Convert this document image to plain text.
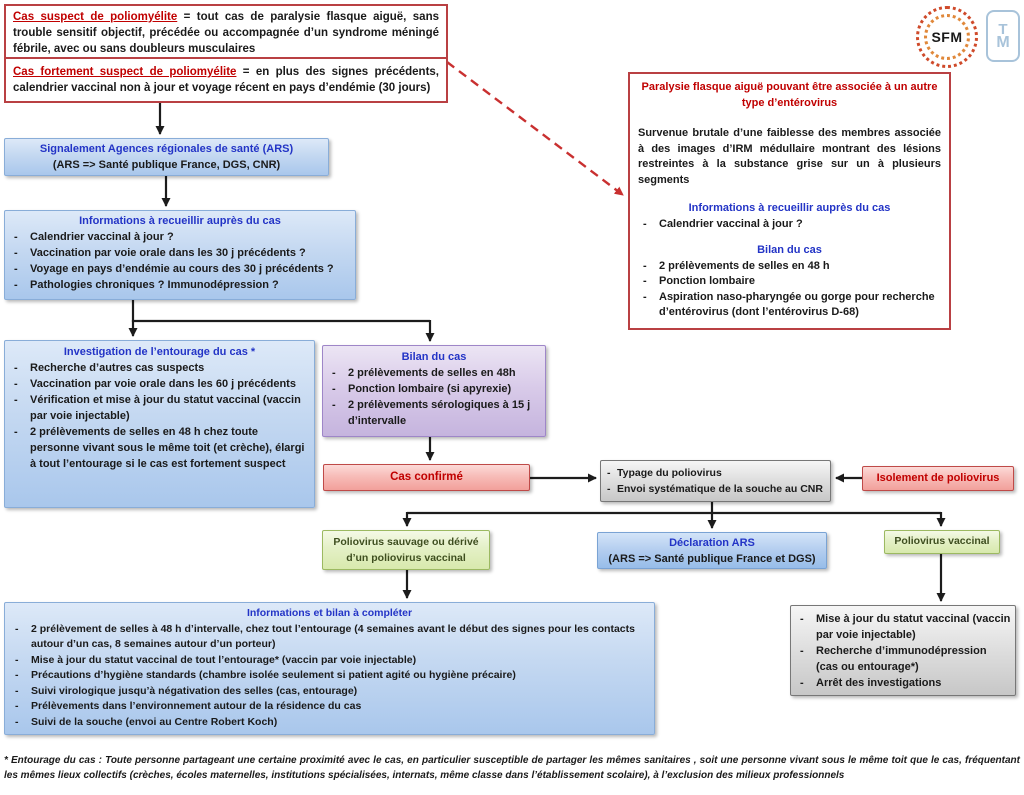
Cas suspect de poliomyélite = tout cas de paralysie flasque aiguë, sans trouble sensitif objectif, précédée ou accompagnée d’un syndrome méningé fébrile, avec ou sans doubleurs musculaires
Cas fortement suspect de poliomyélite = en plus des signes précédents, calendrier vaccinal non à jour et voyage récent en pays d’endémie (30 jours)
SFM	T
M
Paralysie flasque aiguë pouvant être associée à un autre type d’entérovirus
Survenue brutale d’une faiblesse des membres associée à des images d’IRM médullaire montrant des lésions restreintes à la substance grise sur un à plusieurs segments
Informations à recueillir auprès du cas
- Calendrier vaccinal à jour ?
Bilan du cas
- 2 prélèvements de selles en 48 h
- Ponction lombaire
- Aspiration naso-pharyngée ou gorge pour recherche d’entérovirus (dont l’entérovirus D-68)
Signalement Agences régionales de santé (ARS)
(ARS => Santé publique France, DGS, CNR)
Informations à recueillir auprès du cas
- Calendrier vaccinal à jour ?
- Vaccination par voie orale dans les 30 j précédents ?
- Voyage en pays d’endémie au cours des 30 j précédents ?
- Pathologies chroniques ? Immunodépression ?
Investigation de l’entourage du cas *
- Recherche d’autres cas suspects
- Vaccination par voie orale dans les 60 j précédents
- Vérification et mise à jour du statut vaccinal (vaccin par voie injectable)
- 2 prélèvements de selles en 48 h chez toute personne vivant sous le même toit (et crèche), élargi à tout l’entourage si le cas est fortement suspect
Bilan du cas
- 2 prélèvements de selles en 48h
- Ponction lombaire (si apyrexie)
- 2 prélèvements sérologiques à 15 j d’intervalle
Cas confirmé	- Typage du poliovirus
- Envoi systématique de la souche au CNR
Isolement de poliovirus
Poliovirus sauvage ou dérivé d’un poliovirus vaccinal
Déclaration ARS
(ARS => Santé publique France et DGS)
Poliovirus vaccinal
Informations et bilan à compléter
- 2 prélèvement de selles à 48 h d’intervalle, chez tout l’entourage (4 semaines avant le début des signes pour les contacts autour d’un cas, 8 semaines autour d’un porteur)
- Mise à jour du statut vaccinal de tout l’entourage* (vaccin par voie injectable)
- Précautions d’hygiène standards (chambre isolée seulement si patient agité ou hygiène précaire)
- Suivi virologique jusqu’à négativation des selles (cas, entourage)
- Prélèvements dans l’environnement autour de la résidence du cas
- Suivi de la souche (envoi au Centre Robert Koch)
- Mise à jour du statut vaccinal (vaccin par voie injectable)
- Recherche d’immunodépression (cas ou entourage*)
- Arrêt des investigations
* Entourage du cas : Toute personne partageant une certaine proximité avec le cas, en particulier susceptible de partager les mêmes sanitaires , soit une personne vivant sous le même toit que le cas, fréquentant les mêmes lieux collectifs (crèches, écoles maternelles, institutions spécialisées, internats, même classe dans l’établissement scolaire), à l’exclusion des milieux professionnels
